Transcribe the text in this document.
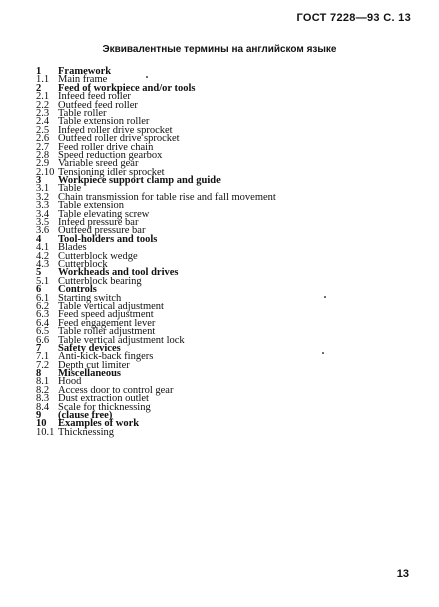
ГОСТ 7228—93 С. 13
Эквивалентные термины на английском языке
1 Framework
1.1 Main frame
2 Feed of workpiece and/or tools
2.1 Infeed feed roller
2.2 Outfeed feed roller
2.3 Table roller
2.4 Table extension roller
2.5 Infeed roller drive sprocket
2.6 Outfeed roller drive sprocket
2.7 Feed roller drive chain
2.8 Speed reduction gearbox
2.9 Variable sreed gear
2.10 Tensioning idler sprocket
3 Workpiece support clamp and guide
3.1 Table
3.2 Chain transmission for table rise and fall movement
3.3 Table extension
3.4 Table elevating screw
3.5 Infeed pressure bar
3.6 Outfeed pressure bar
4 Tool-holders and tools
4.1 Blades
4.2 Cutterblock wedge
4.3 Cutterblock
5 Workheads and tool drives
5.1 Cutterblock bearing
6 Controls
6.1 Starting switch
6.2 Table vertical adjustment
6.3 Feed speed adjustment
6.4 Feed engagement lever
6.5 Table roller adjustment
6.6 Table vertical adjustment lock
7 Safety devices
7.1 Anti-kick-back fingers
7.2 Depth cut limiter
8 Miscellaneous
8.1 Hood
8.2 Access door to control gear
8.3 Dust extraction outlet
8.4 Scale for thicknessing
9 (clause free)
10 Examples of work
10.1 Thicknessing
13
